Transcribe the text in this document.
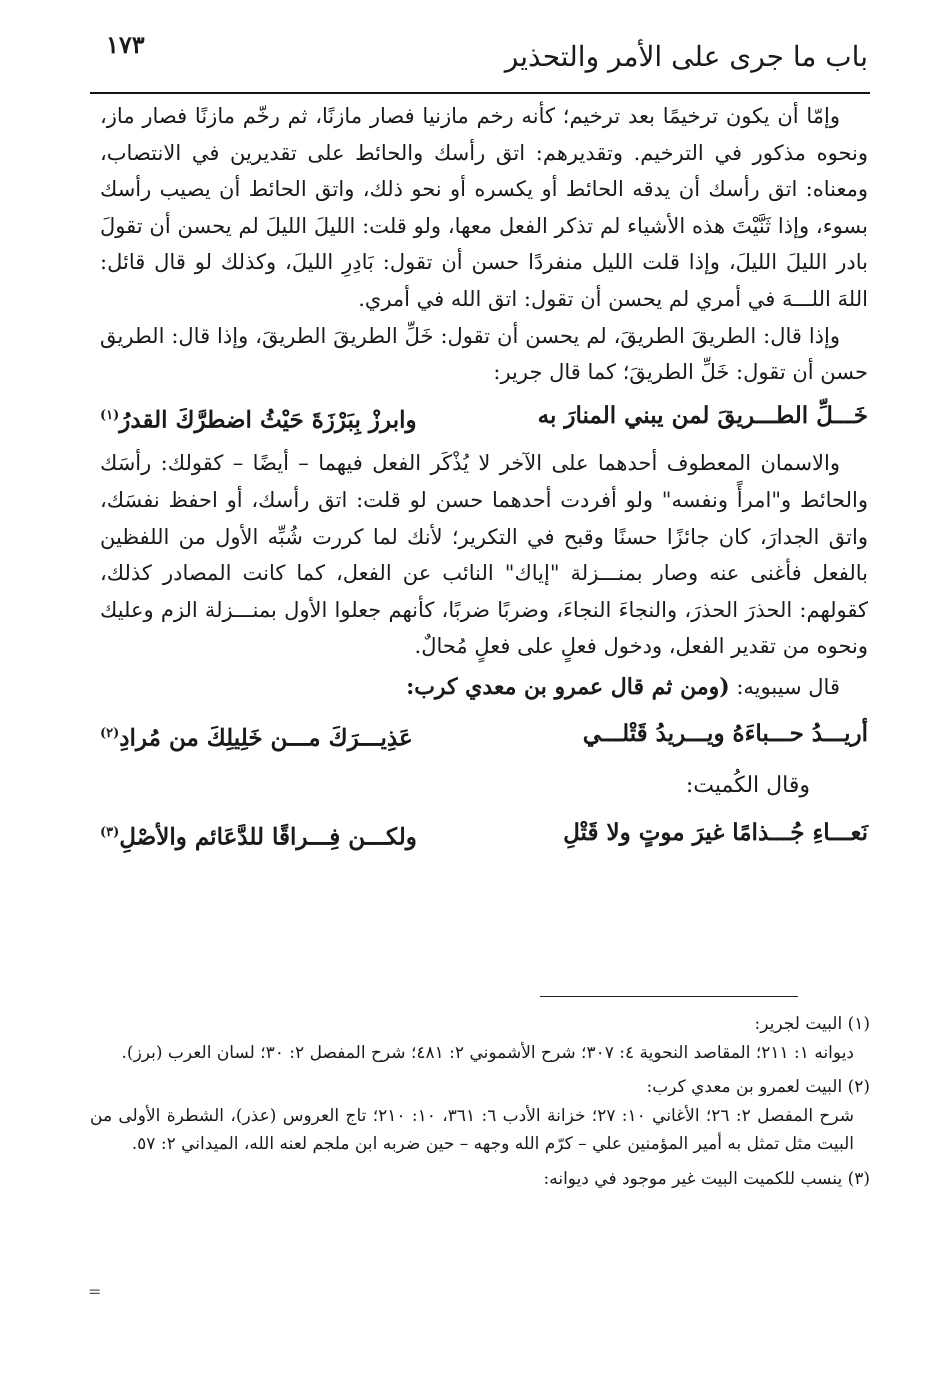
١٧٣	باب ما جرى على الأمر والتحذير

وإمّا أن يكون ترخيمًا بعد ترخيم؛ كأنه رخم مازنيا فصار مازنًا، ثم رخّم مازنًا فصار ماز، ونحوه مذكور في الترخيم. وتقديرهم: اتق رأسك والحائط على تقديرين في الانتصاب، ومعناه: اتق رأسك أن يدقه الحائط أو يكسره أو نحو ذلك، واتق الحائط أن يصيب رأسك بسوء، وإذا ثَنَّيْتَ هذه الأشياء لم تذكر الفعل معها، ولو قلت: الليلَ الليلَ لم يحسن أن تقولَ بادر الليلَ الليلَ، وإذا قلت الليل منفردًا حسن أن تقول: بَادِرِ الليلَ، وكذلك لو قال قائل: اللهَ اللـــهَ في أمري لم يحسن أن تقول: اتق الله في أمري.

وإذا قال: الطريقَ الطريقَ، لم يحسن أن تقول: خَلِّ الطريقَ الطريقَ، وإذا قال: الطريق حسن أن تقول: خَلِّ الطريقَ؛ كما قال جرير:

خَـــلِّ الطـــريقَ لمن يبني المنارَ به
وابرزْ بِبَرْزَةَ حَيْثُ اضطرَّكَ القدرُ$^{(١)}$

والاسمان المعطوف أحدهما على الآخر لا يُذْكَر الفعل فيهما – أيضًا – كقولك: رأسَك والحائط و"امرأً ونفسه" ولو أفردت أحدهما حسن لو قلت: اتق رأسك، أو احفظ نفسَك، واتق الجدارَ، كان جائزًا حسنًا وقبح في التكرير؛ لأنك لما كررت شُبِّه الأول من اللفظين بالفعل فأغنى عنه وصار بمنـــزلة "إياك" النائب عن الفعل، كما كانت المصادر كذلك، كقولهم: الحذرَ الحذرَ، والنجاءَ النجاءَ، وضربًا ضربًا، كأنهم جعلوا الأول بمنـــزلة الزم وعليك ونحوه من تقدير الفعل، ودخول فعلٍ على فعلٍ مُحالٌ.

قال سيبويه: (ومن ثم قال عمرو بن معدي كرب:

أريـــدُ حـــباءَهُ ويـــريدُ قَتْلـــي
عَذِيـــرَكَ مـــن خَلِيلِكَ من مُرادِ$^{(٢)}$
وقال الكُميت:
نَعـــاءِ جُـــذامًا غيرَ موتٍ ولا قَتْلِ
ولكـــن فِـــراقًا للدَّعَائم والأصْلِ$^{(٣)}$

(١) البيت لجرير:

ديوانه ١: ٢١١؛ المقاصد النحوية ٤: ٣٠٧؛ شرح الأشموني ٢: ٤٨١؛ شرح المفصل ٢: ٣٠؛ لسان العرب (برز).

(٢) البيت لعمرو بن معدي كرب:

شرح المفصل ٢: ٢٦؛ الأغاني ١٠: ٢٧؛ خزانة الأدب ٦: ٣٦١، ١٠: ٢١٠؛ تاج العروس (عذر)، الشطرة الأولى من البيت مثل تمثل به أمير المؤمنين علي – كرّم الله وجهه – حين ضربه ابن ملجم لعنه الله، الميداني ٢: ٥٧.

(٣) ينسب للكميت البيت غير موجود في ديوانه:

=
